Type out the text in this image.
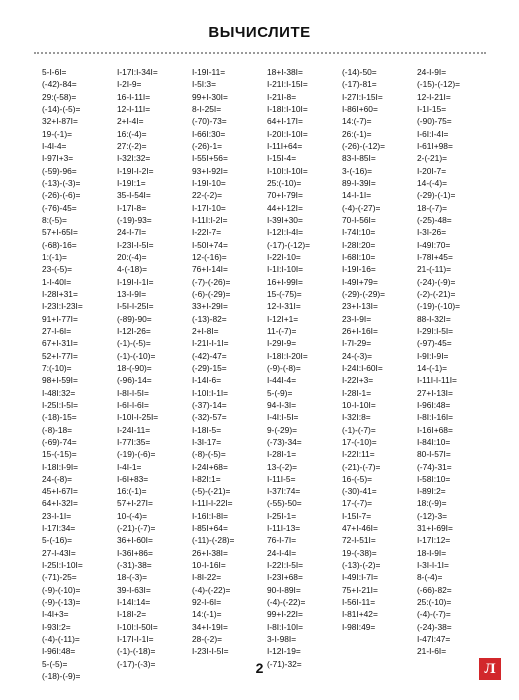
ВЫЧИСЛИТЕ
5-I-6I=	I-17I:I-34I=	I-19I-11=	18+I-38I=	(-14)-50=	24-I-9I=
(-42)-84=	I-2I-9=	I-5I:3=	I-21I:I-15I=	(-17)-81=	(-15)-(-12)=
29:(-58)=	16-I-11I=	99+I-30I=	I-21I-8=	I-27I:I-15I=	12-I-21I=
(-14)-(-5)=	12-I-11I=	8-I-25I=	I-18I:I-10I=	I-86I+60=	I-1I-15=
32+I-87I=	2+I-4I=	(-70)-73=	64+I-17I=	14:(-7)=	(-90)-75=
19-(-1)=	16:(-4)=	I-66I:30=	I-20I:I-10I=	26:(-1)=	I-6I:I-4I=
I-4I-4=	27:(-2)=	(-26)-1=	I-11I+64=	(-26)-(-12)=	I-61I+98=
I-97I+3=	I-32I:32=	I-55I+56=	I-15I-4=	83-I-85I=	2-(-21)=
(-59)-96=	I-19I-I-2I=	93+I-92I=	I-10I:I-10I=	3-(-16)=	I-20I-7=
(-13)-(-3)=	I-19I:1=	I-19I-10=	25:(-10)=	89-I-39I=	14-(-4)=
(-26)-(-6)=	35-I-54I=	22-(-2)=	70+I-79I=	14-I-1I=	(-29)-(-1)=
(-76)-45=	I-17I-8=	I-17I-10=	44+I-12I=	(-4)-(-27)=	18-(-7)=
8:(-5)=	(-19)-93=	I-11I:I-2I=	I-39I+30=	70-I-56I=	(-25)-48=
57+I-65I=	24-I-7I=	I-22I-7=	I-12I:I-4I=	I-74I:10=	I-3I-26=
(-68)-16=	I-23I-I-5I=	I-50I+74=	(-17)-(-12)=	I-28I:20=	I-49I:70=
1:(-1)=	20:(-4)=	12-(-16)=	I-22I-10=	I-68I:10=	I-78I+45=
23-(-5)=	4-(-18)=	76+I-14I=	I-1I:I-10I=	I-19I-16=	21-(-11)=
1-I-40I=	I-19I-I-1I=	(-7)-(-26)=	16+I-99I=	I-49I+79=	(-24)-(-9)=
I-28I+31=	13-I-9I=	(-6)-(-29)=	15-(-75)=	(-29)-(-29)=	(-2)-(-21)=
I-23I:I-23I=	I-5I-I-25I=	33+I-29I=	12-I-31I=	23+I-13I=	(-19)-(-10)=
91+I-77I=	(-89)-90=	(-13)-82=	I-12I+1=	23-I-9I=	88-I-32I=
27-I-6I=	I-12I-26=	2+I-8I=	11-(-7)=	26+I-16I=	I-29I:I-5I=
67+I-31I=	(-1)-(-5)=	I-21I-I-1I=	I-29I-9=	I-7I-29=	(-97)-45=
52+I-77I=	(-1)-(-10)=	(-42)-47=	I-18I:I-20I=	24-(-3)=	I-9I:I-9I=
7:(-10)=	18-(-90)=	(-29)-15=	(-9)-(-8)=	I-24I:I-60I=	14-(-1)=
98+I-59I=	(-96)-14=	I-14I-6=	I-44I-4=	I-22I+3=	I-11I-I-11I=
I-48I:32=	I-8I-I-5I=	I-10I:I-1I=	5-(-9)=	I-28I-1=	27+I-13I=
I-25I:I-5I=	I-6I-I-6I=	(-37)-14=	94-I-3I=	10-I-10I=	I-96I:48=
(-18)-15=	I-10I-I-25I=	(-32)-57=	I-4I:I-5I=	I-32I:8=	I-8I:I-16I=
(-8)-18=	I-24I-11=	I-18I-5=	9-(-29)=	(-1)-(-7)=	I-16I+68=
(-69)-74=	I-77I:35=	I-3I-17=	(-73)-34=	17-(-10)=	I-84I:10=
15-(-15)=	(-19)-(-6)=	(-8)-(-5)=	I-28I-1=	I-22I:11=	80-I-57I=
I-18I:I-9I=	I-4I-1=	I-24I+68=	13-(-2)=	(-21)-(-7)=	(-74)-31=
24-(-8)=	I-6I+83=	I-82I:1=	I-11I-5=	16-(-5)=	I-58I:10=
45+I-67I=	16:(-1)=	(-5)-(-21)=	I-37I:74=	(-30)-41=	I-89I:2=
64+I-32I=	57+I-27I=	I-11I-I-22I=	(-55)-50=	17-(-7)=	18:(-9)=
23-I-1I=	10-(-4)=	I-16I:I-8I=	I-25I-1=	I-15I-7=	(-12)-3=
I-17I:34=	(-21)-(-7)=	I-85I+64=	I-11I-13=	47+I-46I=	31+I-69I=
5-(-16)=	36+I-60I=	(-11)-(-28)=	76-I-7I=	72-I-51I=	I-17I:12=
27-I-43I=	I-36I+86=	26+I-38I=	24-I-4I=	19-(-38)=	18-I-9I=
I-25I:I-10I=	(-31)-38=	10-I-16I=	I-22I:I-5I=	(-13)-(-2)=	I-3I-I-1I=
(-71)-25=	18-(-3)=	I-8I-22=	I-23I+68=	I-49I:I-7I=	8-(-4)=
(-9)-(-10)=	39-I-63I=	(-4)-(-22)=	90-I-89I=	75+I-21I=	(-66)-82=
(-9)-(-13)=	I-14I:14=	92-I-6I=	(-4)-(-22)=	I-56I-11=	25:(-10)=
I-4I+3=	I-18I-2=	14:(-1)=	99+I-22I=	I-81I+42=	(-4)-(-7)=
I-93I:2=	I-10I:I-50I=	34+I-19I=	I-8I:I-10I=	I-98I:49=	(-24)-38=
(-4)-(-11)=	I-17I-I-1I=	28-(-2)=	3-I-98I=	I-47I:47=
I-96I:48=	(-1)-(-18)=	I-23I-I-5I=	I-12I-19=	21-I-6I=
5-(-5)=	(-17)-(-3)=	(-71)-32=
(-18)-(-9)=
2	Л
